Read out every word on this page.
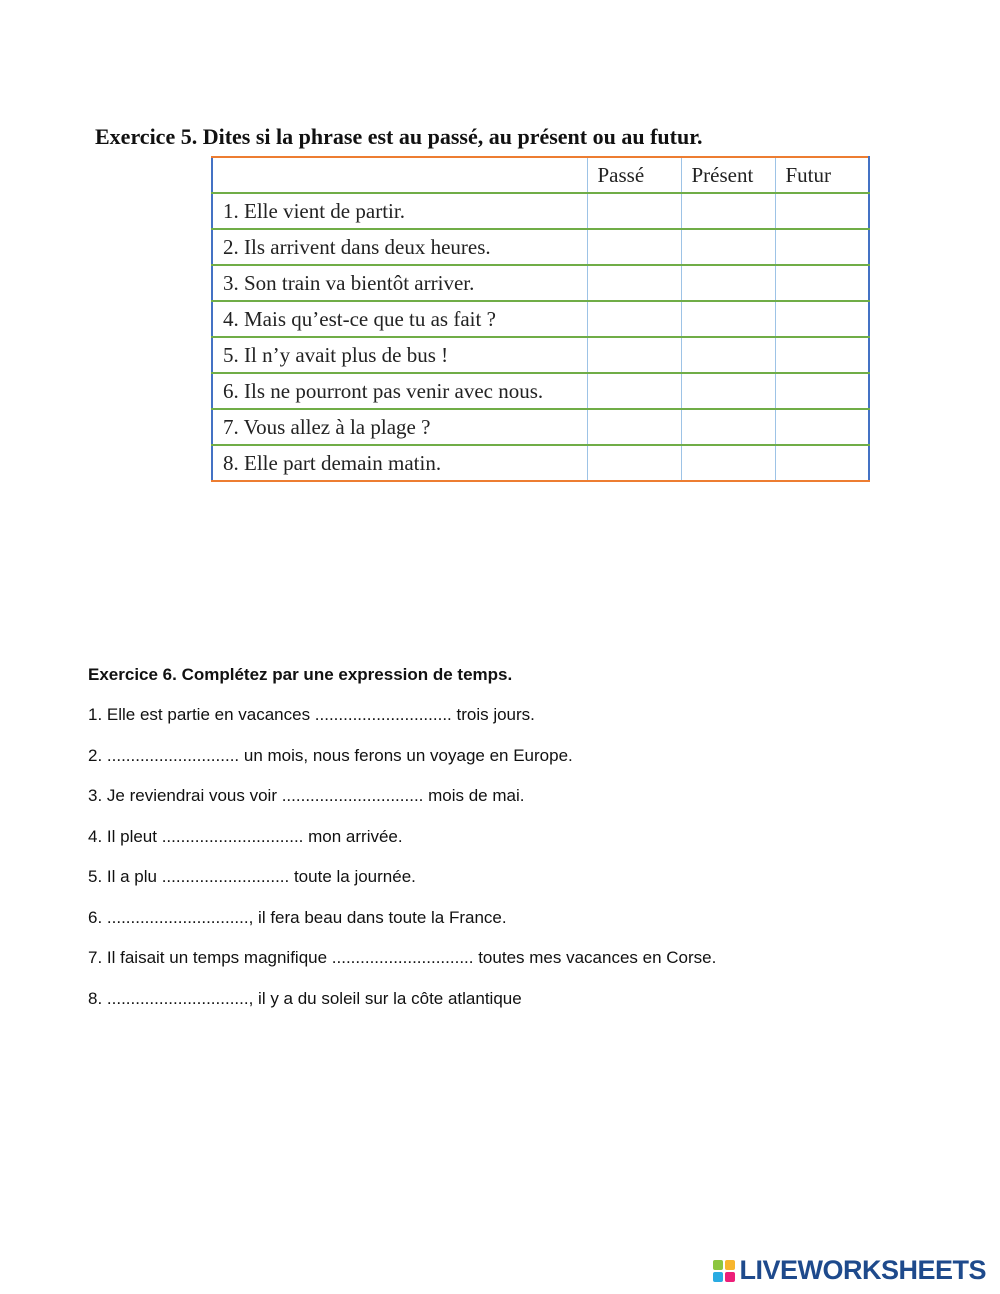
Exercice 5. Dites si la phrase est au passé, au présent ou au futur.
	Passé	Présent	Futur
1. Elle vient de partir.			
2. Ils arrivent dans deux heures.			
3. Son train va bientôt arriver.			
4. Mais qu’est-ce que tu as fait ?			
5. Il n’y avait plus de bus !			
6. Ils ne pourront pas venir avec nous.			
7. Vous allez à la plage ?			
8. Elle part demain matin.			
Exercice 6. Complétez par une expression de temps.
1. Elle est partie en vacances ............................. trois jours.
2. ............................ un mois, nous ferons un voyage en Europe.
3. Je reviendrai vous voir .............................. mois de mai.
4. Il pleut .............................. mon arrivée.
5. Il a plu ........................... toute la journée.
6. .............................., il fera beau dans toute la France.
7. Il faisait un temps magnifique .............................. toutes mes vacances en Corse.
8. .............................., il y a du soleil sur la côte atlantique
LIVEWORKSHEETS
